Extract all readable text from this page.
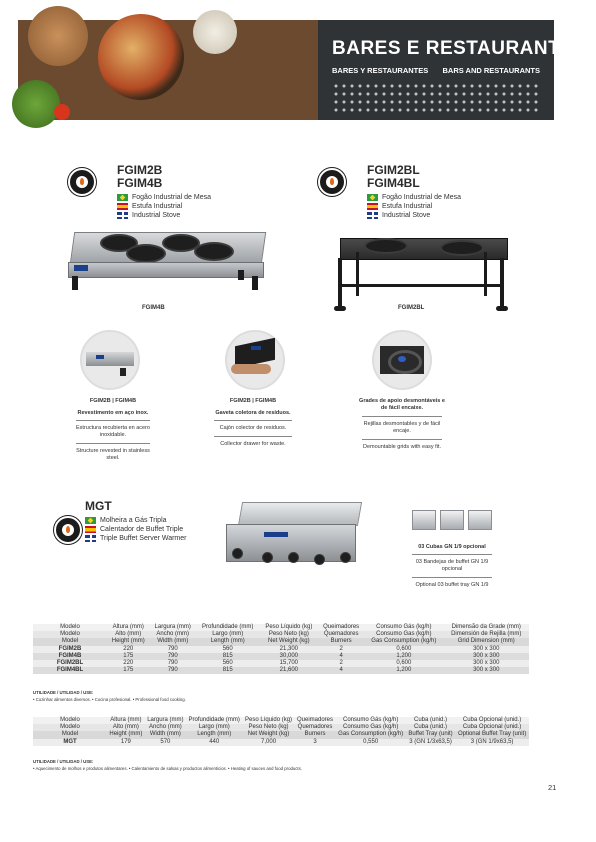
BARES E RESTAURANTES
BARES Y RESTAURANTES BARS AND RESTAURANTS
FGIM2B
FGIM4B
Fogão Industrial de Mesa
Estufa Industrial
Industrial Stove
FGIM2BL
FGIM4BL
Fogão Industrial de Mesa
Estufa Industrial
Industrial Stove
FGIM4B	FGIM2BL
FGIM2B | FGIM4B
Revestimento em aço inox.
Estructura recubierta en acero inoxidable.
Structure revested in stainless steel.
FGIM2B | FGIM4B
Gaveta coletora de resíduos.
Cajón colector de residuos.
Collector drawer for waste.
Grades de apoio desmontáveis e de fácil encaixe.
Rejillas desmontables y de fácil encaje.
Demountable grids with easy fit.
MGT
Molheira a Gás Tripla
Calentador de Buffet Triple
Triple Buffet Server Warmer
03 Cubas GN 1/9 opcional
03 Bandejas de buffet GN 1/9 opcional
Optional 03 buffet tray GN 1/9
Modelo	Altura (mm)	Largura (mm)	Profundidade (mm)	Peso Líquido (kg)	Queimadores	Consumo Gás (kg/h)	Dimensão da Grade (mm)
Modelo	Alto (mm)	Ancho (mm)	Largo (mm)	Peso Neto (kg)	Quemadores	Consumo Gas (kg/h)	Dimensión de Rejilla (mm)
Model	Height (mm)	Width (mm)	Length (mm)	Net Weight (kg)	Burners	Gas Consumption (kg/h)	Grid Dimension (mm)
FGIM2B	220	790	560	21,300	2	0,600	300 x 300
FGIM4B	175	790	815	30,000	4	1,200	300 x 300
FGIM2BL	220	790	560	15,700	2	0,600	300 x 300
FGIM4BL	175	790	815	21,600	4	1,200	300 x 300
UTILIDADE / UTILIDAD / USE:
• Cozinhar alimentos diversos. • Cocina profesional. • Professional food cooking.
Modelo	Altura (mm)	Largura (mm)	Profundidade (mm)	Peso Líquido (kg)	Queimadores	Consumo Gás (kg/h)	Cuba (unid.)	Cuba Opcional (unid.)
Modelo	Alto (mm)	Ancho (mm)	Largo (mm)	Peso Neto (kg)	Quemadores	Consumo Gas (kg/h)	Cuba (unid.)	Cuba Opcional (unid.)
Model	Height (mm)	Width (mm)	Length (mm)	Net Weight (kg)	Burners	Gas Consumption (kg/h)	Buffet Tray (unit)	Optional Buffet Tray (unit)
MGT	179	570	440	7,000	3	0,550	3 (GN 1/3x63,5)	3 (GN 1/9x63,5)
UTILIDADE / UTILIDAD / USE:
• Aquecimento de molhos e produtos alimentares. • Calentamiento de salsas y productos alimenticios. • Heating of sauces and food products.
21
